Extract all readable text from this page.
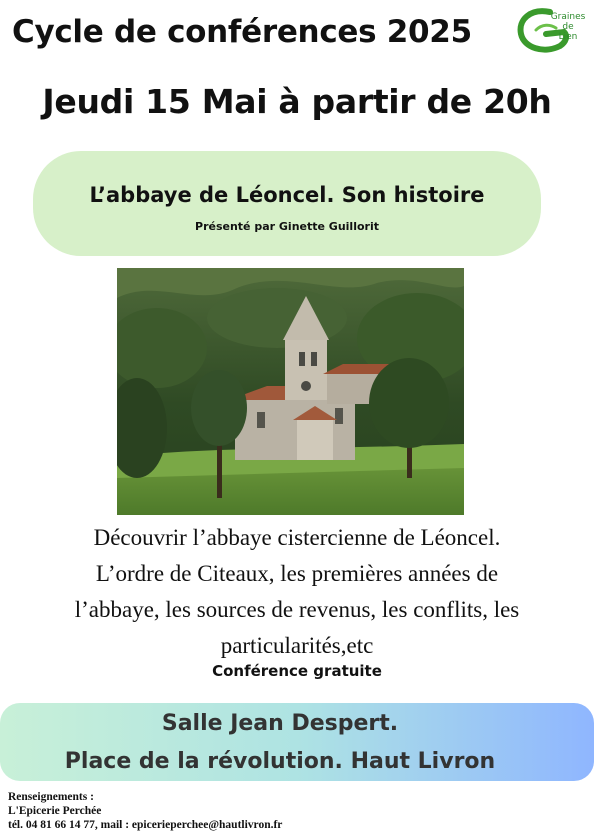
Cycle de conférences 2025	Graines
de
Lien
Jeudi 15 Mai à partir de 20h
L’abbaye de Léoncel. Son histoire
Présenté par Ginette Guillorit
Découvrir l’abbaye cistercienne de Léoncel.
L’ordre de Citeaux, les premières années de
l’abbaye, les sources de revenus, les conflits, les
particularités,etc
Conférence gratuite
Salle Jean Despert.
Place de la révolution. Haut Livron
Renseignements :
L'Epicerie Perchée
tél. 04 81 66 14 77, mail : epicerieperchee@hautlivron.fr
